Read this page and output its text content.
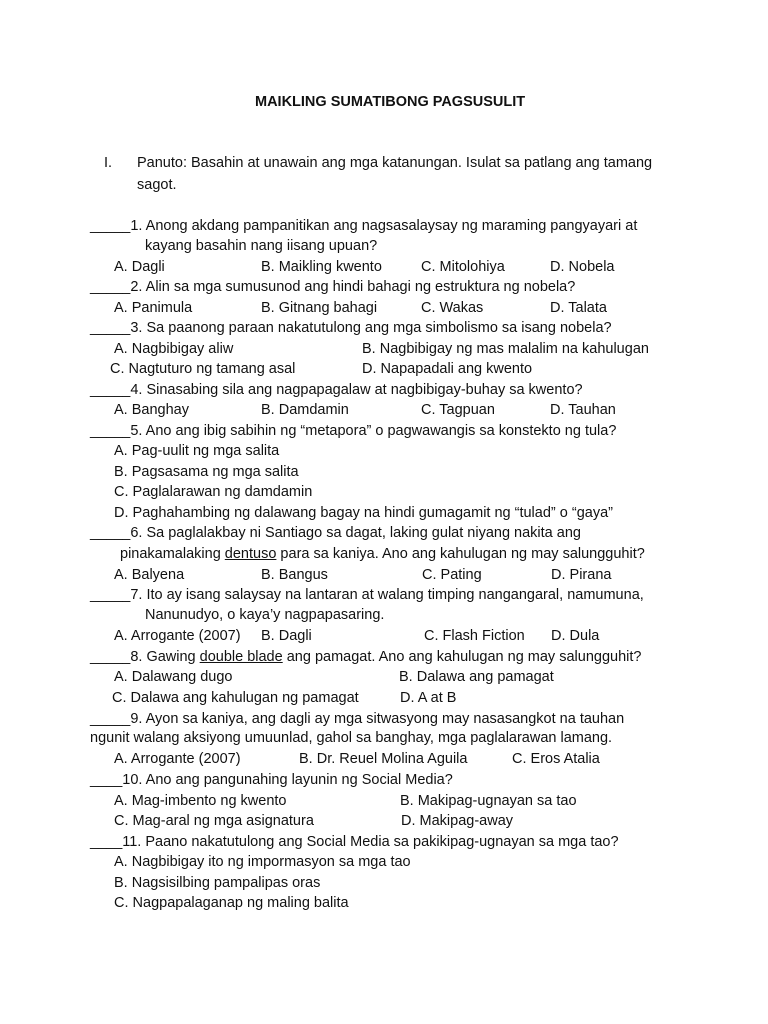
MAIKLING SUMATIBONG PAGSUSULIT
I. Panuto: Basahin at unawain ang mga katanungan. Isulat sa patlang ang tamang
sagot.
_____1. Anong akdang pampanitikan ang nagsasalaysay ng maraming pangyayari at
kayang basahin nang iisang upuan?
A. Dagli	B. Maikling kwento	C. Mitolohiya	D. Nobela
_____2. Alin sa mga sumusunod ang hindi bahagi ng estruktura ng nobela?
A. Panimula	B. Gitnang bahagi	C. Wakas	D. Talata
_____3. Sa paanong paraan nakatutulong ang mga simbolismo sa isang nobela?
A. Nagbibigay aliw	B. Nagbibigay ng mas malalim na kahulugan
C. Nagtuturo ng tamang asal	D. Napapadali ang kwento
_____4. Sinasabing sila ang nagpapagalaw at nagbibigay-buhay sa kwento?
A. Banghay	B. Damdamin	C. Tagpuan	D. Tauhan
_____5. Ano ang ibig sabihin ng “metapora” o pagwawangis sa konstekto ng tula?
A. Pag-uulit ng mga salita
B. Pagsasama ng mga salita
C. Paglalarawan ng damdamin
D. Paghahambing ng dalawang bagay na hindi gumagamit ng “tulad” o “gaya”
_____6. Sa paglalakbay ni Santiago sa dagat, laking gulat niyang nakita ang
pinakamalaking dentuso para sa kaniya. Ano ang kahulugan ng may salungguhit?
A. Balyena	B. Bangus	C. Pating	D. Pirana
_____7. Ito ay isang salaysay na lantaran at walang timping nangangaral, namumuna,
Nanunudyo, o kaya’y nagpapasaring.
A. Arrogante (2007) B. Dagli	C. Flash Fiction D. Dula
_____8. Gawing double blade ang pamagat. Ano ang kahulugan ng may salungguhit?
A. Dalawang dugo	B. Dalawa ang pamagat
C. Dalawa ang kahulugan ng pamagat	D. A at B
_____9. Ayon sa kaniya, ang dagli ay mga sitwasyong may nasasangkot na tauhan
ngunit walang aksiyong umuunlad, gahol sa banghay, mga paglalarawan lamang.
A. Arrogante (2007)	B. Dr. Reuel Molina Aguila	C. Eros Atalia
____10. Ano ang pangunahing layunin ng Social Media?
A. Mag-imbento ng kwento	B. Makipag-ugnayan sa tao
C. Mag-aral ng mga asignatura	D. Makipag-away
____11. Paano nakatutulong ang Social Media sa pakikipag-ugnayan sa mga tao?
A. Nagbibigay ito ng impormasyon sa mga tao
B. Nagsisilbing pampalipas oras
C. Nagpapalaganap ng maling balita
